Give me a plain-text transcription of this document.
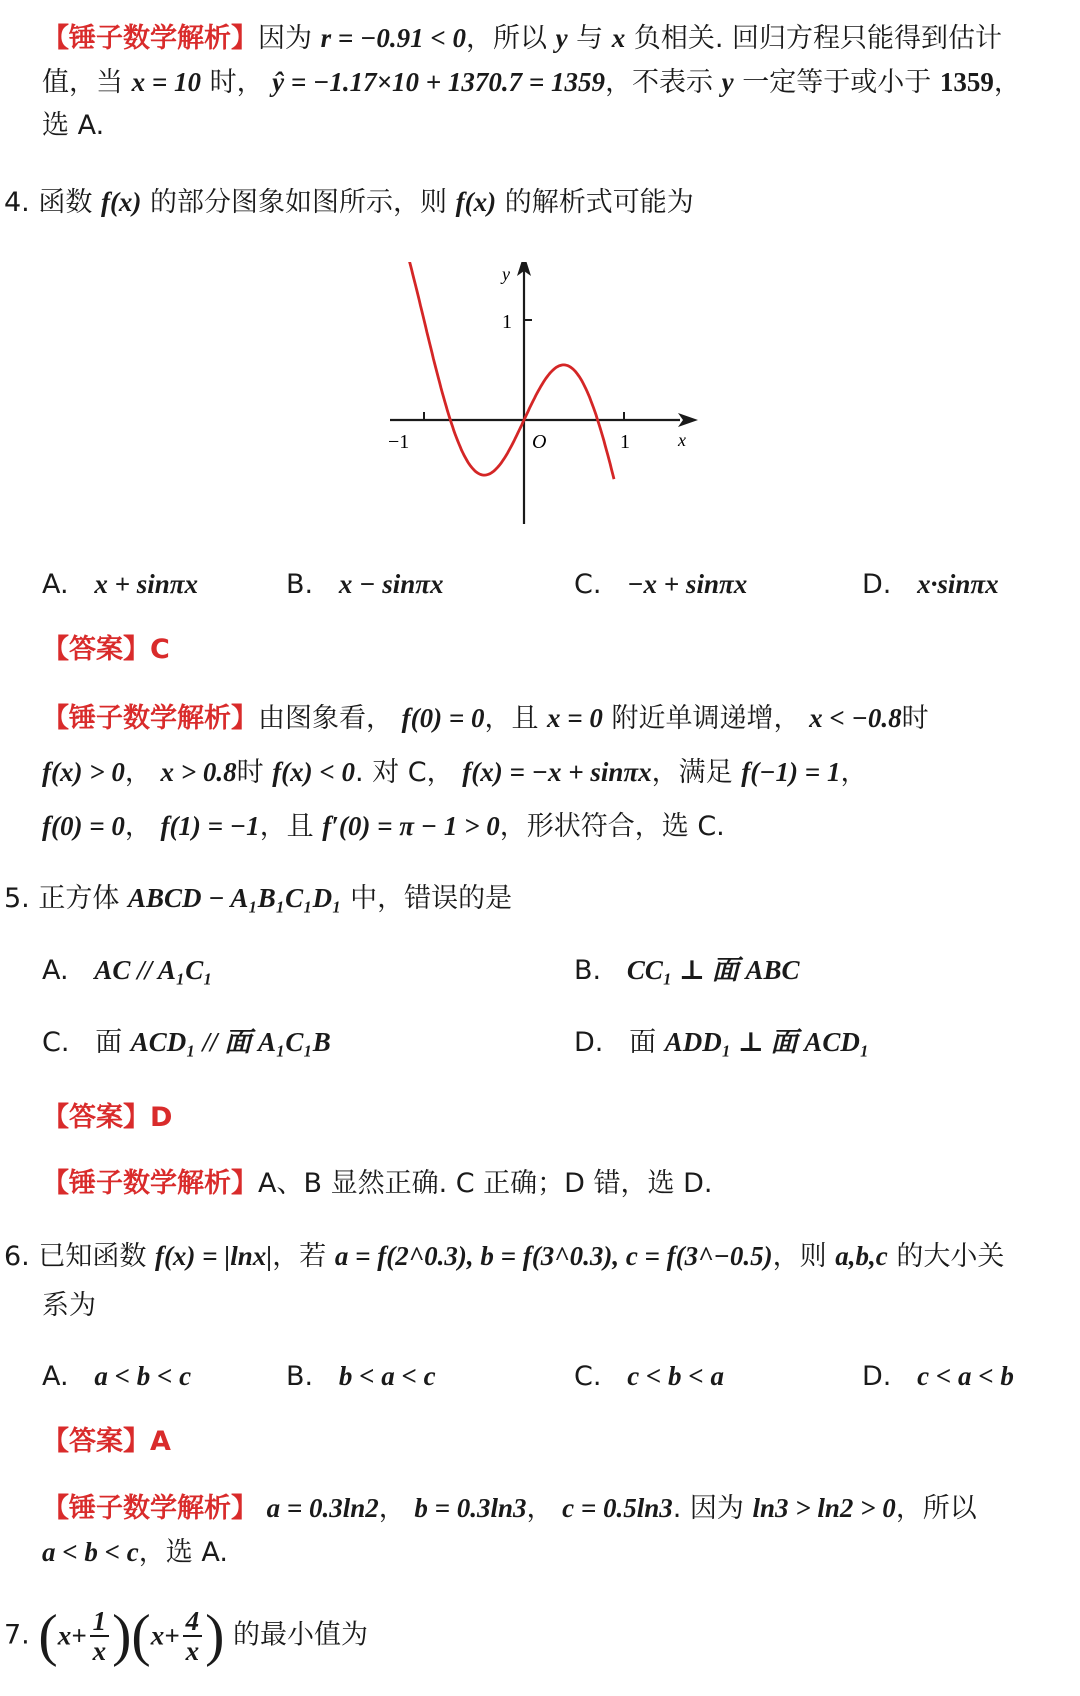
【锤子数学解析】因为 r = −0.91 < 0，所以 y 与 x 负相关. 回归方程只能得到估计
值，当 x = 10 时， ŷ = −1.17×10 + 1370.7 = 1359，不表示 y 一定等于或小于 1359，
选 A.
4. 函数 f(x) 的部分图象如图所示，则 f(x) 的解析式可能为
y
x
O
1
−1	1
A. x + sinπx	B. x − sinπx	C. −x + sinπx	D. x·sinπx
【答案】C
【锤子数学解析】由图象看， f(0) = 0，且 x = 0 附近单调递增， x < −0.8时
f(x) > 0， x > 0.8时 f(x) < 0. 对 C， f(x) = −x + sinπx，满足 f(−1) = 1，
f(0) = 0， f(1) = −1，且 f′(0) = π − 1 > 0，形状符合，选 C.
5. 正方体 ABCD − A₁B₁C₁D₁ 中，错误的是
A. AC // A₁C₁	B. CC₁ ⊥ 面 ABC
C. 面 ACD₁ // 面 A₁C₁B	D. 面 ADD₁ ⊥ 面 ACD₁
【答案】D
【锤子数学解析】A、B 显然正确. C 正确；D 错，选 D.
6. 已知函数 f(x) = |lnx|，若 a = f(2^0.3), b = f(3^0.3), c = f(3^−0.5)，则 a,b,c 的大小关
系为
A. a < b < c	B. b < a < c	C. c < b < a	D. c < a < b
【答案】A
【锤子数学解析】 a = 0.3ln2， b = 0.3ln3， c = 0.5ln3. 因为 ln3 > ln2 > 0，所以
a < b < c，选 A.
7. $(x+ \frac{1}{x} )(x+ \frac{4}{x}$ ) 的最小值为
